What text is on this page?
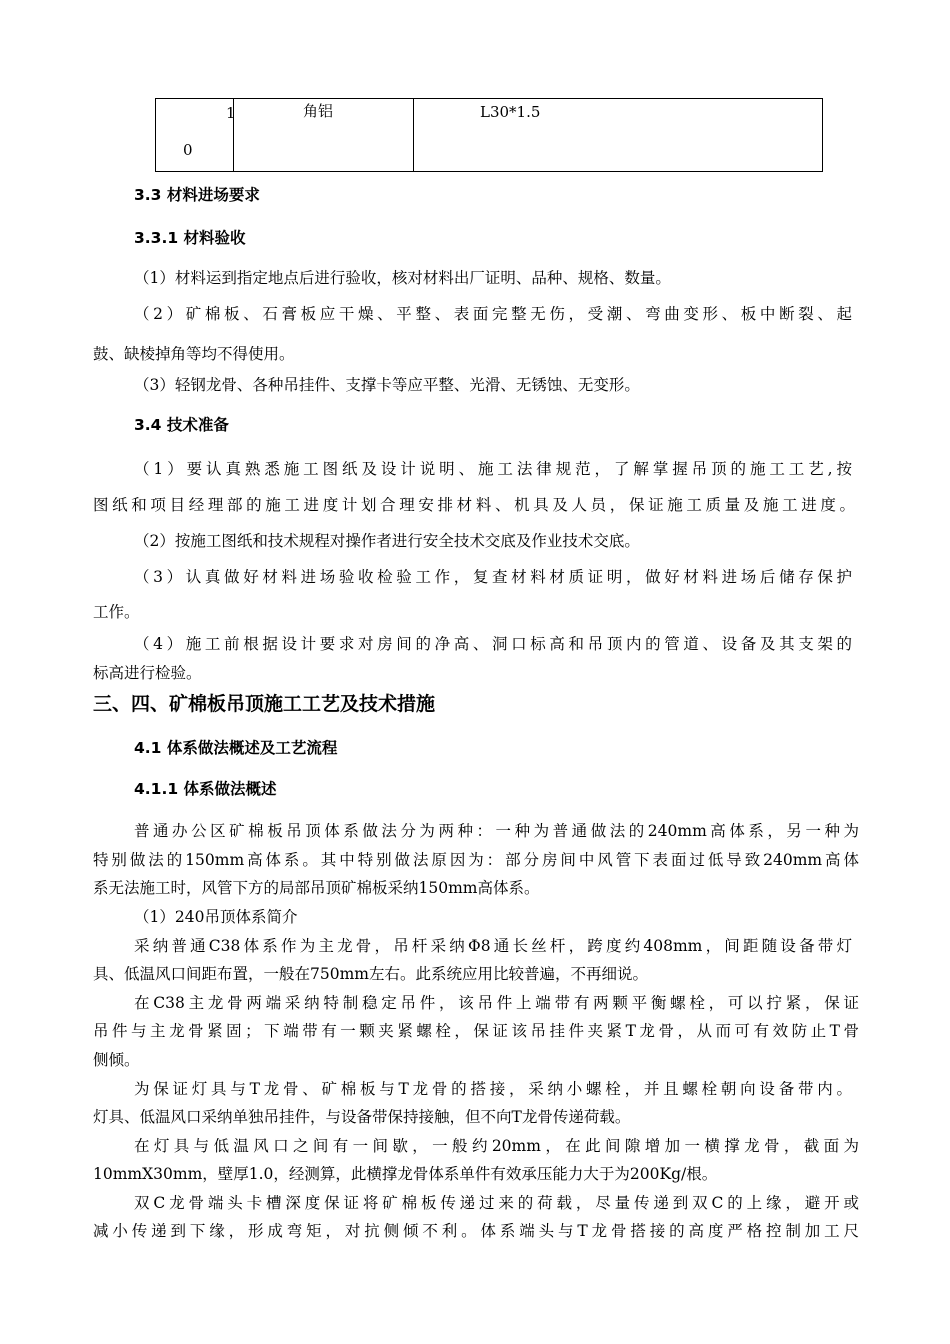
1
0
角铝	L30*1.5
3.3 材料进场要求
3.3.1 材料验收
（1）材料运到指定地点后进行验收，核对材料出厂证明、品种、规格、数量。
（2）矿棉板、石膏板应干燥、平整、表面完整无伤，受潮、弯曲变形、板中断裂、起
鼓、缺棱掉角等均不得使用。
（3）轻钢龙骨、各种吊挂件、支撑卡等应平整、光滑、无锈蚀、无变形。
3.4 技术准备
（1）要认真熟悉施工图纸及设计说明、施工法律规范，了解掌握吊顶的施工工艺,按
图纸和项目经理部的施工进度计划合理安排材料、机具及人员，保证施工质量及施工进度。
（2）按施工图纸和技术规程对操作者进行安全技术交底及作业技术交底。
（3）认真做好材料进场验收检验工作，复查材料材质证明，做好材料进场后储存保护
工作。
（4）施工前根据设计要求对房间的净高、洞口标高和吊顶内的管道、设备及其支架的
标高进行检验。
三、四、矿棉板吊顶施工工艺及技术措施
4.1 体系做法概述及工艺流程
4.1.1 体系做法概述
普通办公区矿棉板吊顶体系做法分为两种：一种为普通做法的240mm高体系，另一种为
特别做法的150mm高体系。其中特别做法原因为：部分房间中风管下表面过低导致240mm高体
系无法施工时，风管下方的局部吊顶矿棉板采纳150mm高体系。
（1）240吊顶体系简介
采纳普通C38体系作为主龙骨，吊杆采纳Φ8通长丝杆，跨度约408mm，间距随设备带灯
具、低温风口间距布置，一般在750mm左右。此系统应用比较普遍，不再细说。
在C38主龙骨两端采纳特制稳定吊件，该吊件上端带有两颗平衡螺栓，可以拧紧，保证
吊件与主龙骨紧固；下端带有一颗夹紧螺栓，保证该吊挂件夹紧T龙骨，从而可有效防止T骨
侧倾。
为保证灯具与T龙骨、矿棉板与T龙骨的搭接，采纳小螺栓，并且螺栓朝向设备带内。
灯具、低温风口采纳单独吊挂件，与设备带保持接触，但不向T龙骨传递荷载。
在灯具与低温风口之间有一间歇，一般约20mm，在此间隙增加一横撑龙骨，截面为
10mmX30mm，壁厚1.0，经测算，此横撑龙骨体系单件有效承压能力大于为200Kg/根。
双C龙骨端头卡槽深度保证将矿棉板传递过来的荷载，尽量传递到双C的上缘，避开或
减小传递到下缘，形成弯矩，对抗侧倾不利。体系端头与T龙骨搭接的高度严格控制加工尺
